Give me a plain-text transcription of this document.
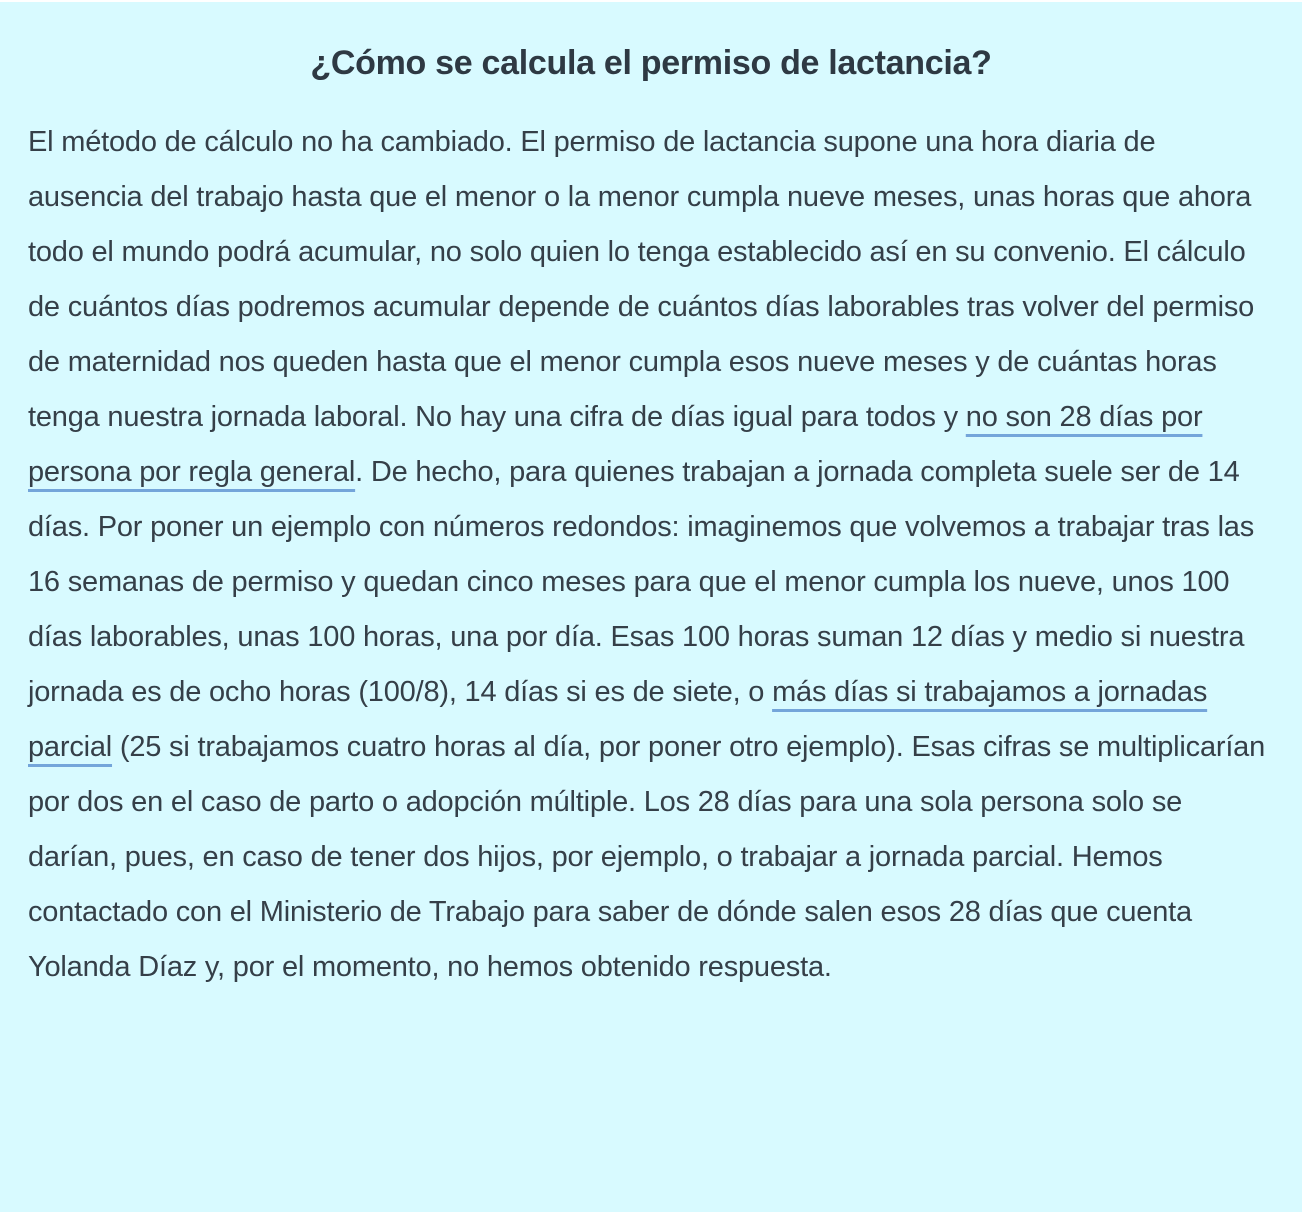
¿Cómo se calcula el permiso de lactancia?

El método de cálculo no ha cambiado. El permiso de lactancia supone una hora diaria de ausencia del trabajo hasta que el menor o la menor cumpla nueve meses, unas horas que ahora todo el mundo podrá acumular, no solo quien lo tenga establecido así en su convenio. El cálculo de cuántos días podremos acumular depende de cuántos días laborables tras volver del permiso de maternidad nos queden hasta que el menor cumpla esos nueve meses y de cuántas horas tenga nuestra jornada laboral. No hay una cifra de días igual para todos y no son 28 días por persona por regla general. De hecho, para quienes trabajan a jornada completa suele ser de 14 días. Por poner un ejemplo con números redondos: imaginemos que volvemos a trabajar tras las 16 semanas de permiso y quedan cinco meses para que el menor cumpla los nueve, unos 100 días laborables, unas 100 horas, una por día. Esas 100 horas suman 12 días y medio si nuestra jornada es de ocho horas (100/8), 14 días si es de siete, o más días si trabajamos a jornadas parcial (25 si trabajamos cuatro horas al día, por poner otro ejemplo). Esas cifras se multiplicarían por dos en el caso de parto o adopción múltiple. Los 28 días para una sola persona solo se darían, pues, en caso de tener dos hijos, por ejemplo, o trabajar a jornada parcial. Hemos contactado con el Ministerio de Trabajo para saber de dónde salen esos 28 días que cuenta Yolanda Díaz y, por el momento, no hemos obtenido respuesta.
